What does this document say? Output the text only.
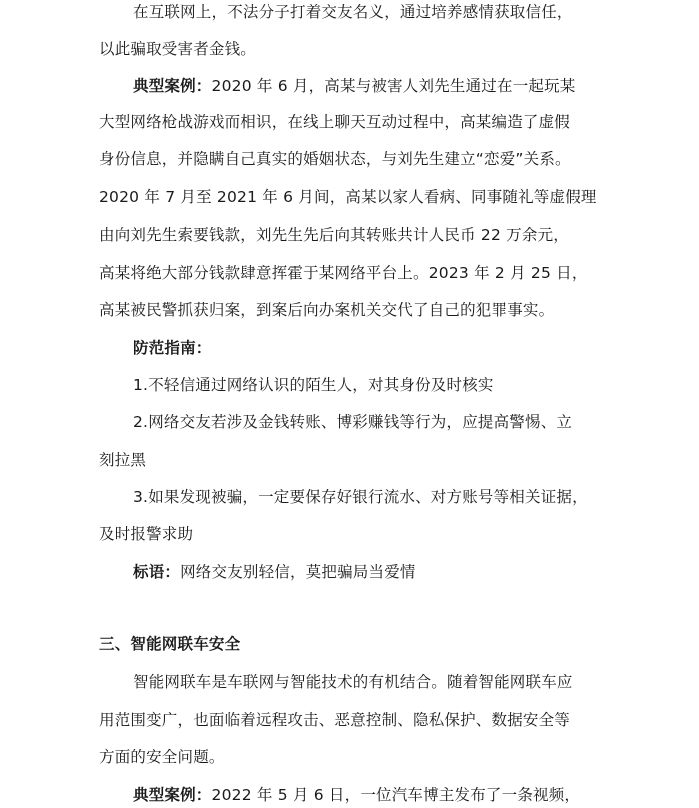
在互联网上，不法分子打着交友名义，通过培养感情获取信任，
以此骗取受害者金钱。
典型案例：2020 年 6 月，高某与被害人刘先生通过在一起玩某
大型网络枪战游戏而相识，在线上聊天互动过程中，高某编造了虚假
身份信息，并隐瞒自己真实的婚姻状态，与刘先生建立“恋爱”关系。
2020 年 7 月至 2021 年 6 月间，高某以家人看病、同事随礼等虚假理
由向刘先生索要钱款，刘先生先后向其转账共计人民币 22 万余元，
高某将绝大部分钱款肆意挥霍于某网络平台上。2023 年 2 月 25 日，
高某被民警抓获归案，到案后向办案机关交代了自己的犯罪事实。
防范指南：
1.不轻信通过网络认识的陌生人，对其身份及时核实
2.网络交友若涉及金钱转账、博彩赚钱等行为，应提高警惕、立
刻拉黑
3.如果发现被骗，一定要保存好银行流水、对方账号等相关证据，
及时报警求助
标语：网络交友别轻信，莫把骗局当爱情
三、智能网联车安全
智能网联车是车联网与智能技术的有机结合。随着智能网联车应
用范围变广，也面临着远程攻击、恶意控制、隐私保护、数据安全等
方面的安全问题。
典型案例：2022 年 5 月 6 日，一位汽车博主发布了一条视频，
